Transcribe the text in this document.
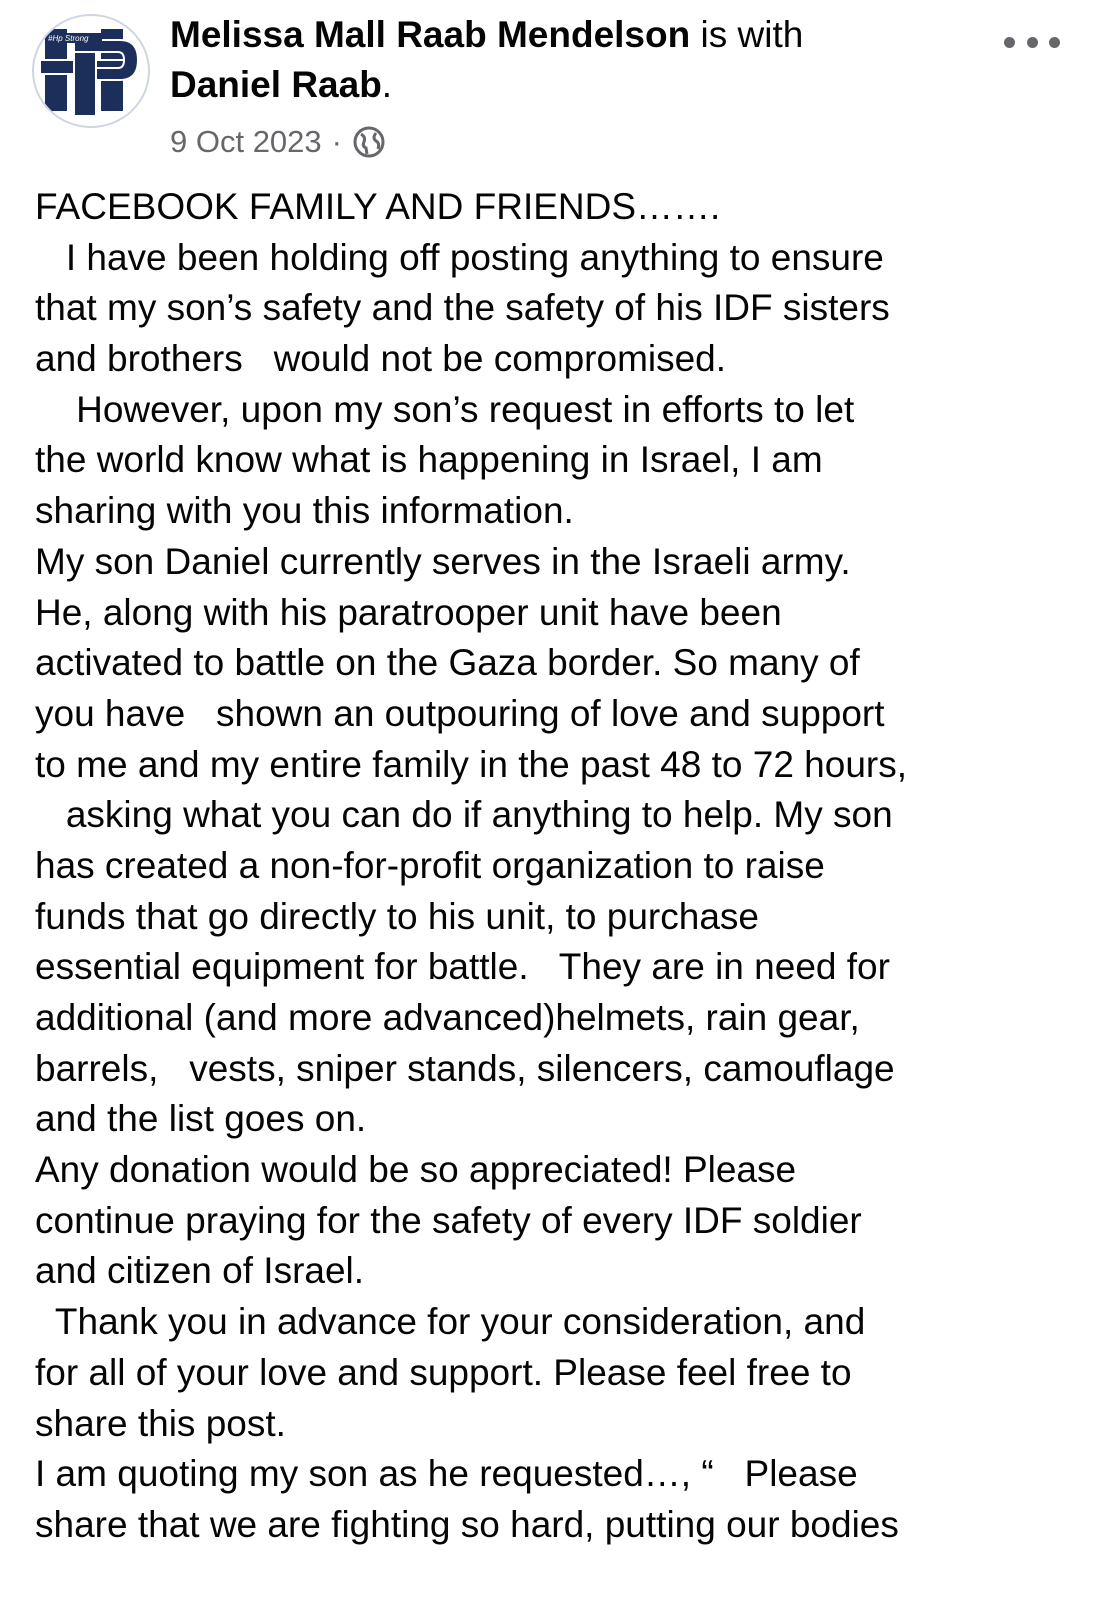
#Hp Strong Melissa Mall Raab Mendelson is with
Daniel Raab.
9 Oct 2023 ·
FACEBOOK FAMILY AND FRIENDS…….
I have been holding off posting anything to ensure
that my son’s safety and the safety of his IDF sisters
and brothers   would not be compromised.
However, upon my son’s request in efforts to let
the world know what is happening in Israel, I am
sharing with you this information.
My son Daniel currently serves in the Israeli army.
He, along with his paratrooper unit have been
activated to battle on the Gaza border. So many of
you have   shown an outpouring of love and support
to me and my entire family in the past 48 to 72 hours,
asking what you can do if anything to help. My son
has created a non-for-profit organization to raise
funds that go directly to his unit, to purchase
essential equipment for battle.   They are in need for
additional (and more advanced)helmets, rain gear,
barrels,   vests, sniper stands, silencers, camouflage
and the list goes on.
Any donation would be so appreciated! Please
continue praying for the safety of every IDF soldier
and citizen of Israel.
Thank you in advance for your consideration, and
for all of your love and support. Please feel free to
share this post.
I am quoting my son as he requested…, “   Please
share that we are fighting so hard, putting our bodies
